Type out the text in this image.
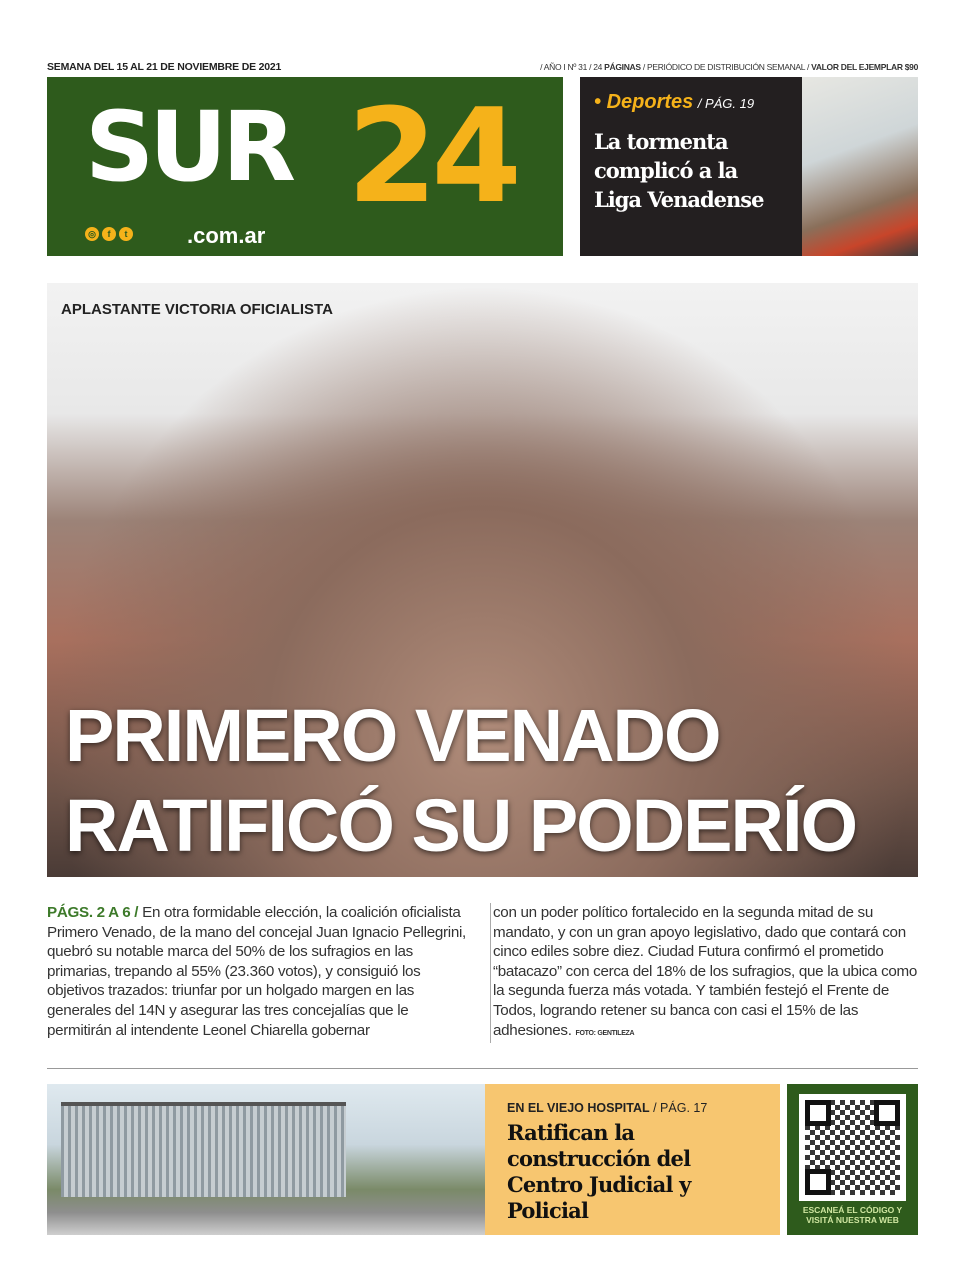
SEMANA DEL 15 AL 21 DE NOVIEMBRE DE 2021	/ AÑO I Nº 31 / 24 PÁGINAS / PERIÓDICO DE DISTRIBUCIÓN SEMANAL / VALOR DEL EJEMPLAR $90
SUR 24
.com.ar
◎	f	t
• Deportes / PÁG. 19
La tormenta complicó a la Liga Venadense
APLASTANTE VICTORIA OFICIALISTA
PRIMERO VENADO
RATIFICÓ SU PODERÍO
PÁGS. 2 A 6 / En otra formidable elección, la coalición oficialista Primero Venado, de la mano del concejal Juan Ignacio Pellegrini, quebró su notable marca del 50% de los sufragios en las primarias, trepando al 55% (23.360 votos), y consiguió los objetivos trazados: triunfar por un holgado margen en las generales del 14N y asegurar las tres concejalías que le permitirán al intendente Leonel Chiarella gobernar
con un poder político fortalecido en la segunda mitad de su mandato, y con un gran apoyo legislativo, dado que contará con cinco ediles sobre diez. Ciudad Futura confirmó el prometido “batacazo” con cerca del 18% de los sufragios, que la ubica como la segunda fuerza más votada. Y también festejó el Frente de Todos, logrando retener su banca con casi el 15% de las adhesiones. FOTO: GENTILEZA
EN EL VIEJO HOSPITAL / PÁG. 17
Ratifican la construcción del Centro Judicial y Policial	ESCANEÁ EL CÓDIGO Y
VISITÁ NUESTRA WEB
